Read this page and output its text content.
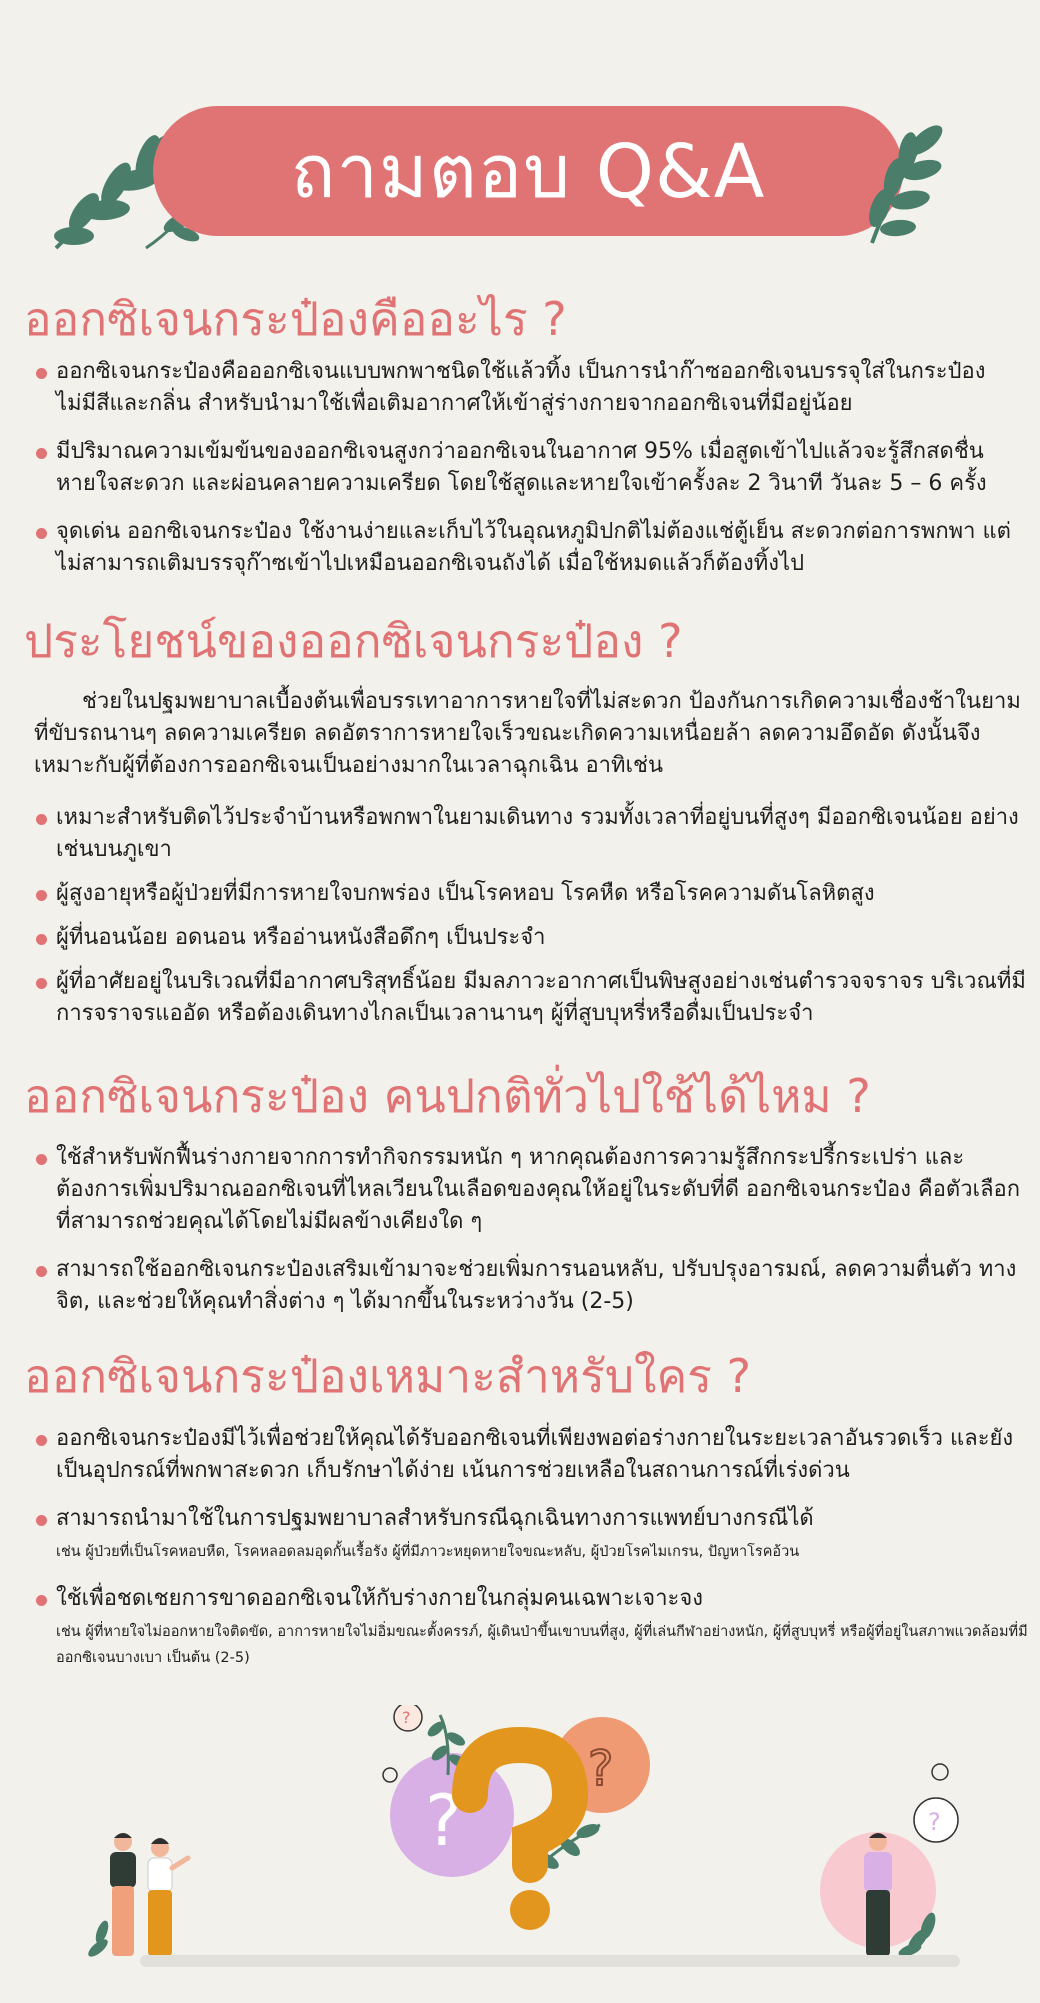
ถามตอบ Q&A
ออกซิเจนกระป๋องคืออะไร ?
ออกซิเจนกระป๋องคือออกซิเจนแบบพกพาชนิดใช้แล้วทิ้ง เป็นการนำก๊าซออกซิเจนบรรจุใส่ในกระป๋อง ไม่มีสีและกลิ่น สำหรับนำมาใช้เพื่อเติมอากาศให้เข้าสู่ร่างกายจากออกซิเจนที่มีอยู่น้อย
มีปริมาณความเข้มข้นของออกซิเจนสูงกว่าออกซิเจนในอากาศ 95% เมื่อสูดเข้าไปแล้วจะรู้สึกสดชื่น หายใจสะดวก และผ่อนคลายความเครียด โดยใช้สูดและหายใจเข้าครั้งละ 2 วินาที วันละ 5 – 6 ครั้ง
จุดเด่น ออกซิเจนกระป๋อง ใช้งานง่ายและเก็บไว้ในอุณหภูมิปกติไม่ต้องแช่ตู้เย็น สะดวกต่อการพกพา แต่ไม่สามารถเติมบรรจุก๊าซเข้าไปเหมือนออกซิเจนถังได้ เมื่อใช้หมดแล้วก็ต้องทิ้งไป
ประโยชน์ของออกซิเจนกระป๋อง ?

ช่วยในปฐมพยาบาลเบื้องต้นเพื่อบรรเทาอาการหายใจที่ไม่สะดวก ป้องกันการเกิดความเชื่องช้าในยามที่ขับรถนานๆ ลดความเครียด ลดอัตราการหายใจเร็วขณะเกิดความเหนื่อยล้า ลดความอึดอัด ดังนั้นจึงเหมาะกับผู้ที่ต้องการออกซิเจนเป็นอย่างมากในเวลาฉุกเฉิน อาทิเช่น

เหมาะสำหรับติดไว้ประจำบ้านหรือพกพาในยามเดินทาง รวมทั้งเวลาที่อยู่บนที่สูงๆ มีออกซิเจนน้อย อย่างเช่นบนภูเขา
ผู้สูงอายุหรือผู้ป่วยที่มีการหายใจบกพร่อง เป็นโรคหอบ โรคหืด หรือโรคความดันโลหิตสูง
ผู้ที่นอนน้อย อดนอน หรืออ่านหนังสือดึกๆ เป็นประจำ
ผู้ที่อาศัยอยู่ในบริเวณที่มีอากาศบริสุทธิ์น้อย มีมลภาวะอากาศเป็นพิษสูงอย่างเช่นตำรวจจราจร บริเวณที่มีการจราจรแออัด หรือต้องเดินทางไกลเป็นเวลานานๆ ผู้ที่สูบบุหรี่หรือดื่มเป็นประจำ
ออกซิเจนกระป๋อง คนปกติทั่วไปใช้ได้ไหม ?
ใช้สำหรับพักฟื้นร่างกายจากการทำกิจกรรมหนัก ๆ หากคุณต้องการความรู้สึกกระปรี้กระเปร่า และต้องการเพิ่มปริมาณออกซิเจนที่ไหลเวียนในเลือดของคุณให้อยู่ในระดับที่ดี ออกซิเจนกระป๋อง คือตัวเลือกที่สามารถช่วยคุณได้โดยไม่มีผลข้างเคียงใด ๆ
สามารถใช้ออกซิเจนกระป๋องเสริมเข้ามาจะช่วยเพิ่มการนอนหลับ, ปรับปรุงอารมณ์, ลดความตื่นตัว ทางจิต, และช่วยให้คุณทำสิ่งต่าง ๆ ได้มากขึ้นในระหว่างวัน (2-5)
ออกซิเจนกระป๋องเหมาะสำหรับใคร ?
ออกซิเจนกระป๋องมีไว้เพื่อช่วยให้คุณได้รับออกซิเจนที่เพียงพอต่อร่างกายในระยะเวลาอันรวดเร็ว และยังเป็นอุปกรณ์ที่พกพาสะดวก เก็บรักษาได้ง่าย เน้นการช่วยเหลือในสถานการณ์ที่เร่งด่วน
สามารถนำมาใช้ในการปฐมพยาบาลสำหรับกรณีฉุกเฉินทางการแพทย์บางกรณีได้
เช่น ผู้ป่วยที่เป็นโรคหอบหืด, โรคหลอดลมอุดกั้นเรื้อรัง ผู้ที่มีภาวะหยุดหายใจขณะหลับ, ผู้ป่วยโรคไมเกรน, ปัญหาโรคอ้วน
ใช้เพื่อชดเชยการขาดออกซิเจนให้กับร่างกายในกลุ่มคนเฉพาะเจาะจง
เช่น ผู้ที่หายใจไม่ออกหายใจติดขัด, อาการหายใจไม่อิ่มขณะตั้งครรภ์, ผู้เดินป่าขึ้นเขาบนที่สูง, ผู้ที่เล่นกีฬาอย่างหนัก, ผู้ที่สูบบุหรี่ หรือผู้ที่อยู่ในสภาพแวดล้อมที่มีออกซิเจนบางเบา เป็นต้น (2-5)
?
?
?
?
